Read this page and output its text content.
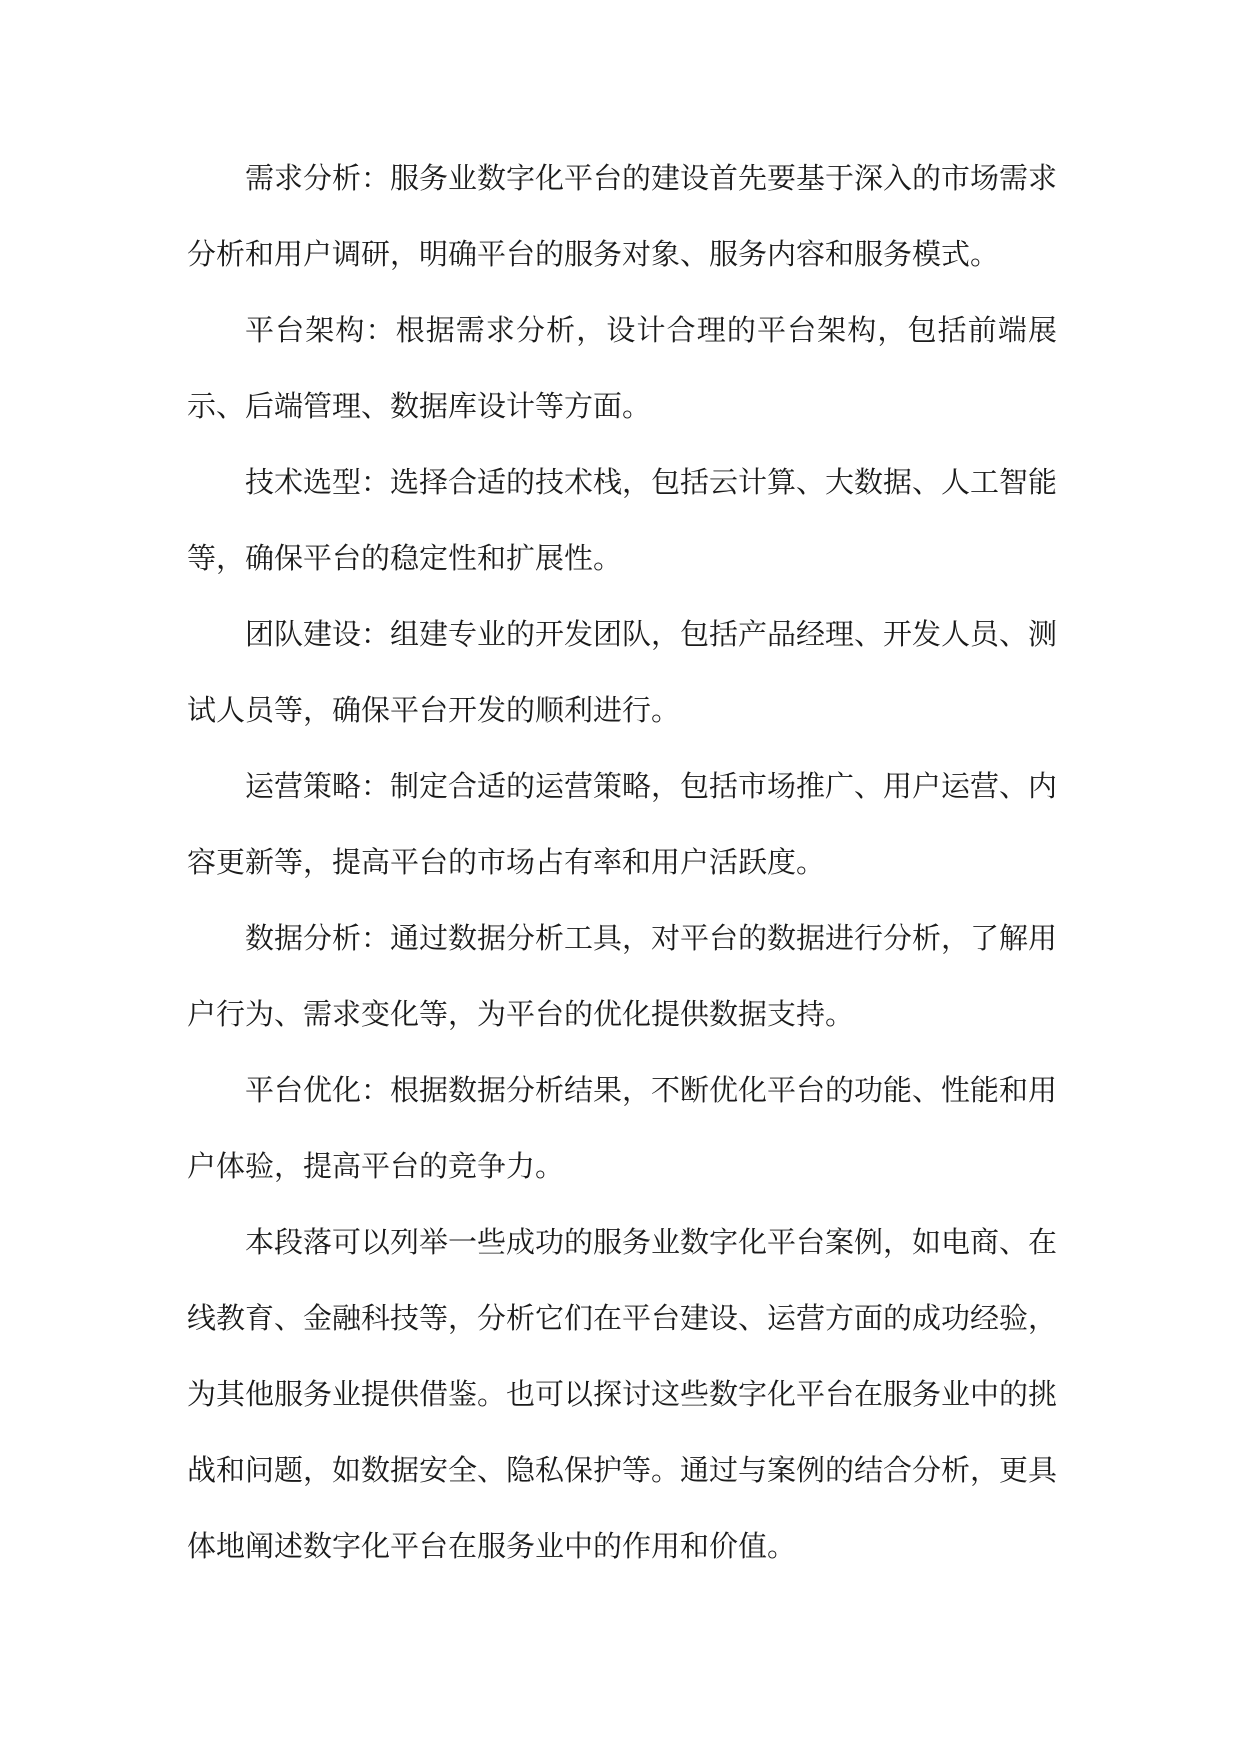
需求分析：服务业数字化平台的建设首先要基于深入的市场需求分析和用户调研，明确平台的服务对象、服务内容和服务模式。

平台架构：根据需求分析，设计合理的平台架构，包括前端展示、后端管理、数据库设计等方面。

技术选型：选择合适的技术栈，包括云计算、大数据、人工智能等，确保平台的稳定性和扩展性。

团队建设：组建专业的开发团队，包括产品经理、开发人员、测试人员等，确保平台开发的顺利进行。

运营策略：制定合适的运营策略，包括市场推广、用户运营、内容更新等，提高平台的市场占有率和用户活跃度。

数据分析：通过数据分析工具，对平台的数据进行分析，了解用户行为、需求变化等，为平台的优化提供数据支持。

平台优化：根据数据分析结果，不断优化平台的功能、性能和用户体验，提高平台的竞争力。

本段落可以列举一些成功的服务业数字化平台案例，如电商、在线教育、金融科技等，分析它们在平台建设、运营方面的成功经验，为其他服务业提供借鉴。也可以探讨这些数字化平台在服务业中的挑战和问题，如数据安全、隐私保护等。通过与案例的结合分析，更具体地阐述数字化平台在服务业中的作用和价值。
